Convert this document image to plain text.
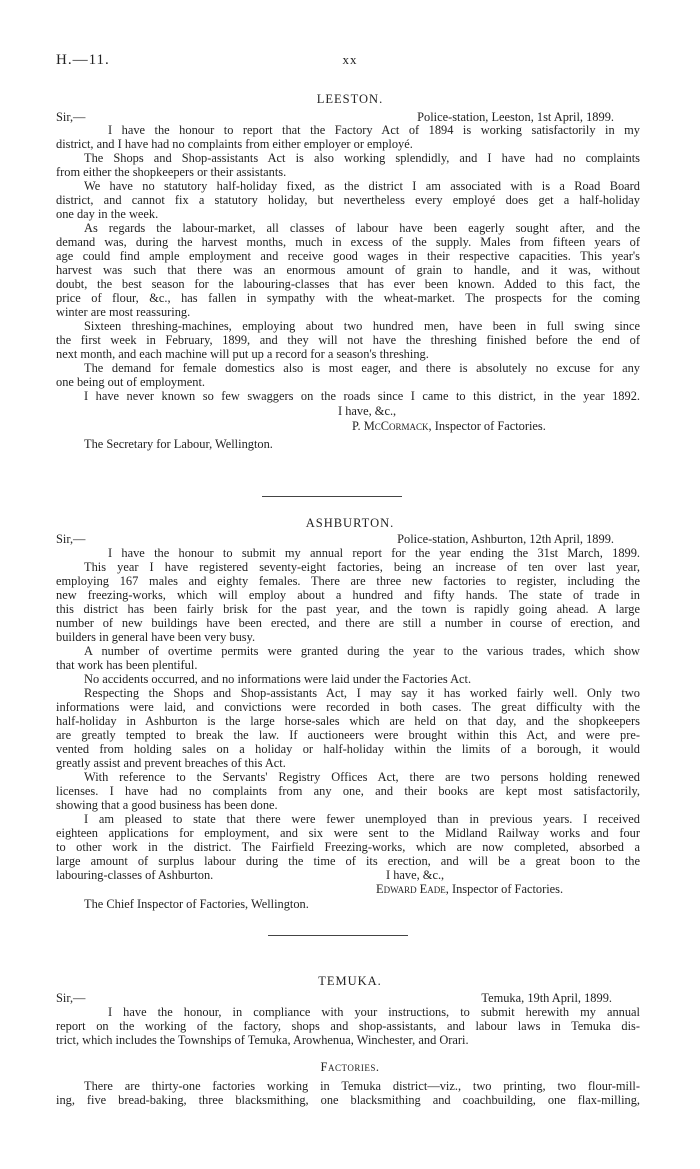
H.—11.	xx
LEESTON.
Sir,—	Police-station, Leeston, 1st April, 1899.
I have the honour to report that the Factory Act of 1894 is working satisfactorily in my
district, and I have had no complaints from either employer or employé.
The Shops and Shop-assistants Act is also working splendidly, and I have had no complaints
from either the shopkeepers or their assistants.
We have no statutory half-holiday fixed, as the district I am associated with is a Road Board
district, and cannot fix a statutory holiday, but nevertheless every employé does get a half-holiday
one day in the week.
As regards the labour-market, all classes of labour have been eagerly sought after, and the
demand was, during the harvest months, much in excess of the supply. Males from fifteen years of
age could find ample employment and receive good wages in their respective capacities. This year's
harvest was such that there was an enormous amount of grain to handle, and it was, without
doubt, the best season for the labouring-classes that has ever been known. Added to this fact, the
price of flour, &c., has fallen in sympathy with the wheat-market. The prospects for the coming
winter are most reassuring.
Sixteen threshing-machines, employing about two hundred men, have been in full swing since
the first week in February, 1899, and they will not have the threshing finished before the end of
next month, and each machine will put up a record for a season's threshing.
The demand for female domestics also is most eager, and there is absolutely no excuse for any
one being out of employment.
I have never known so few swaggers on the roads since I came to this district, in the year 1892.
I have, &c.,
P. McCormack, Inspector of Factories.
The Secretary for Labour, Wellington.
ASHBURTON.
Sir,—	Police-station, Ashburton, 12th April, 1899.
I have the honour to submit my annual report for the year ending the 31st March, 1899.
This year I have registered seventy-eight factories, being an increase of ten over last year,
employing 167 males and eighty females. There are three new factories to register, including the
new freezing-works, which will employ about a hundred and fifty hands. The state of trade in
this district has been fairly brisk for the past year, and the town is rapidly going ahead. A large
number of new buildings have been erected, and there are still a number in course of erection, and
builders in general have been very busy.
A number of overtime permits were granted during the year to the various trades, which show
that work has been plentiful.
No accidents occurred, and no informations were laid under the Factories Act.
Respecting the Shops and Shop-assistants Act, I may say it has worked fairly well. Only two
informations were laid, and convictions were recorded in both cases. The great difficulty with the
half-holiday in Ashburton is the large horse-sales which are held on that day, and the shopkeepers
are greatly tempted to break the law. If auctioneers were brought within this Act, and were pre-
vented from holding sales on a holiday or half-holiday within the limits of a borough, it would
greatly assist and prevent breaches of this Act.
With reference to the Servants' Registry Offices Act, there are two persons holding renewed
licenses. I have had no complaints from any one, and their books are kept most satisfactorily,
showing that a good business has been done.
I am pleased to state that there were fewer unemployed than in previous years. I received
eighteen applications for employment, and six were sent to the Midland Railway works and four
to other work in the district. The Fairfield Freezing-works, which are now completed, absorbed a
large amount of surplus labour during the time of its erection, and will be a great boon to the
labouring-classes of Ashburton.	I have, &c.,
Edward Eade, Inspector of Factories.
The Chief Inspector of Factories, Wellington.
TEMUKA.
Sir,—	Temuka, 19th April, 1899.
I have the honour, in compliance with your instructions, to submit herewith my annual
report on the working of the factory, shops and shop-assistants, and labour laws in Temuka dis-
trict, which includes the Townships of Temuka, Arowhenua, Winchester, and Orari.
Factories.
There are thirty-one factories working in Temuka district—viz., two printing, two flour-mill-
ing, five bread-baking, three blacksmithing, one blacksmithing and coachbuilding, one flax-milling,
